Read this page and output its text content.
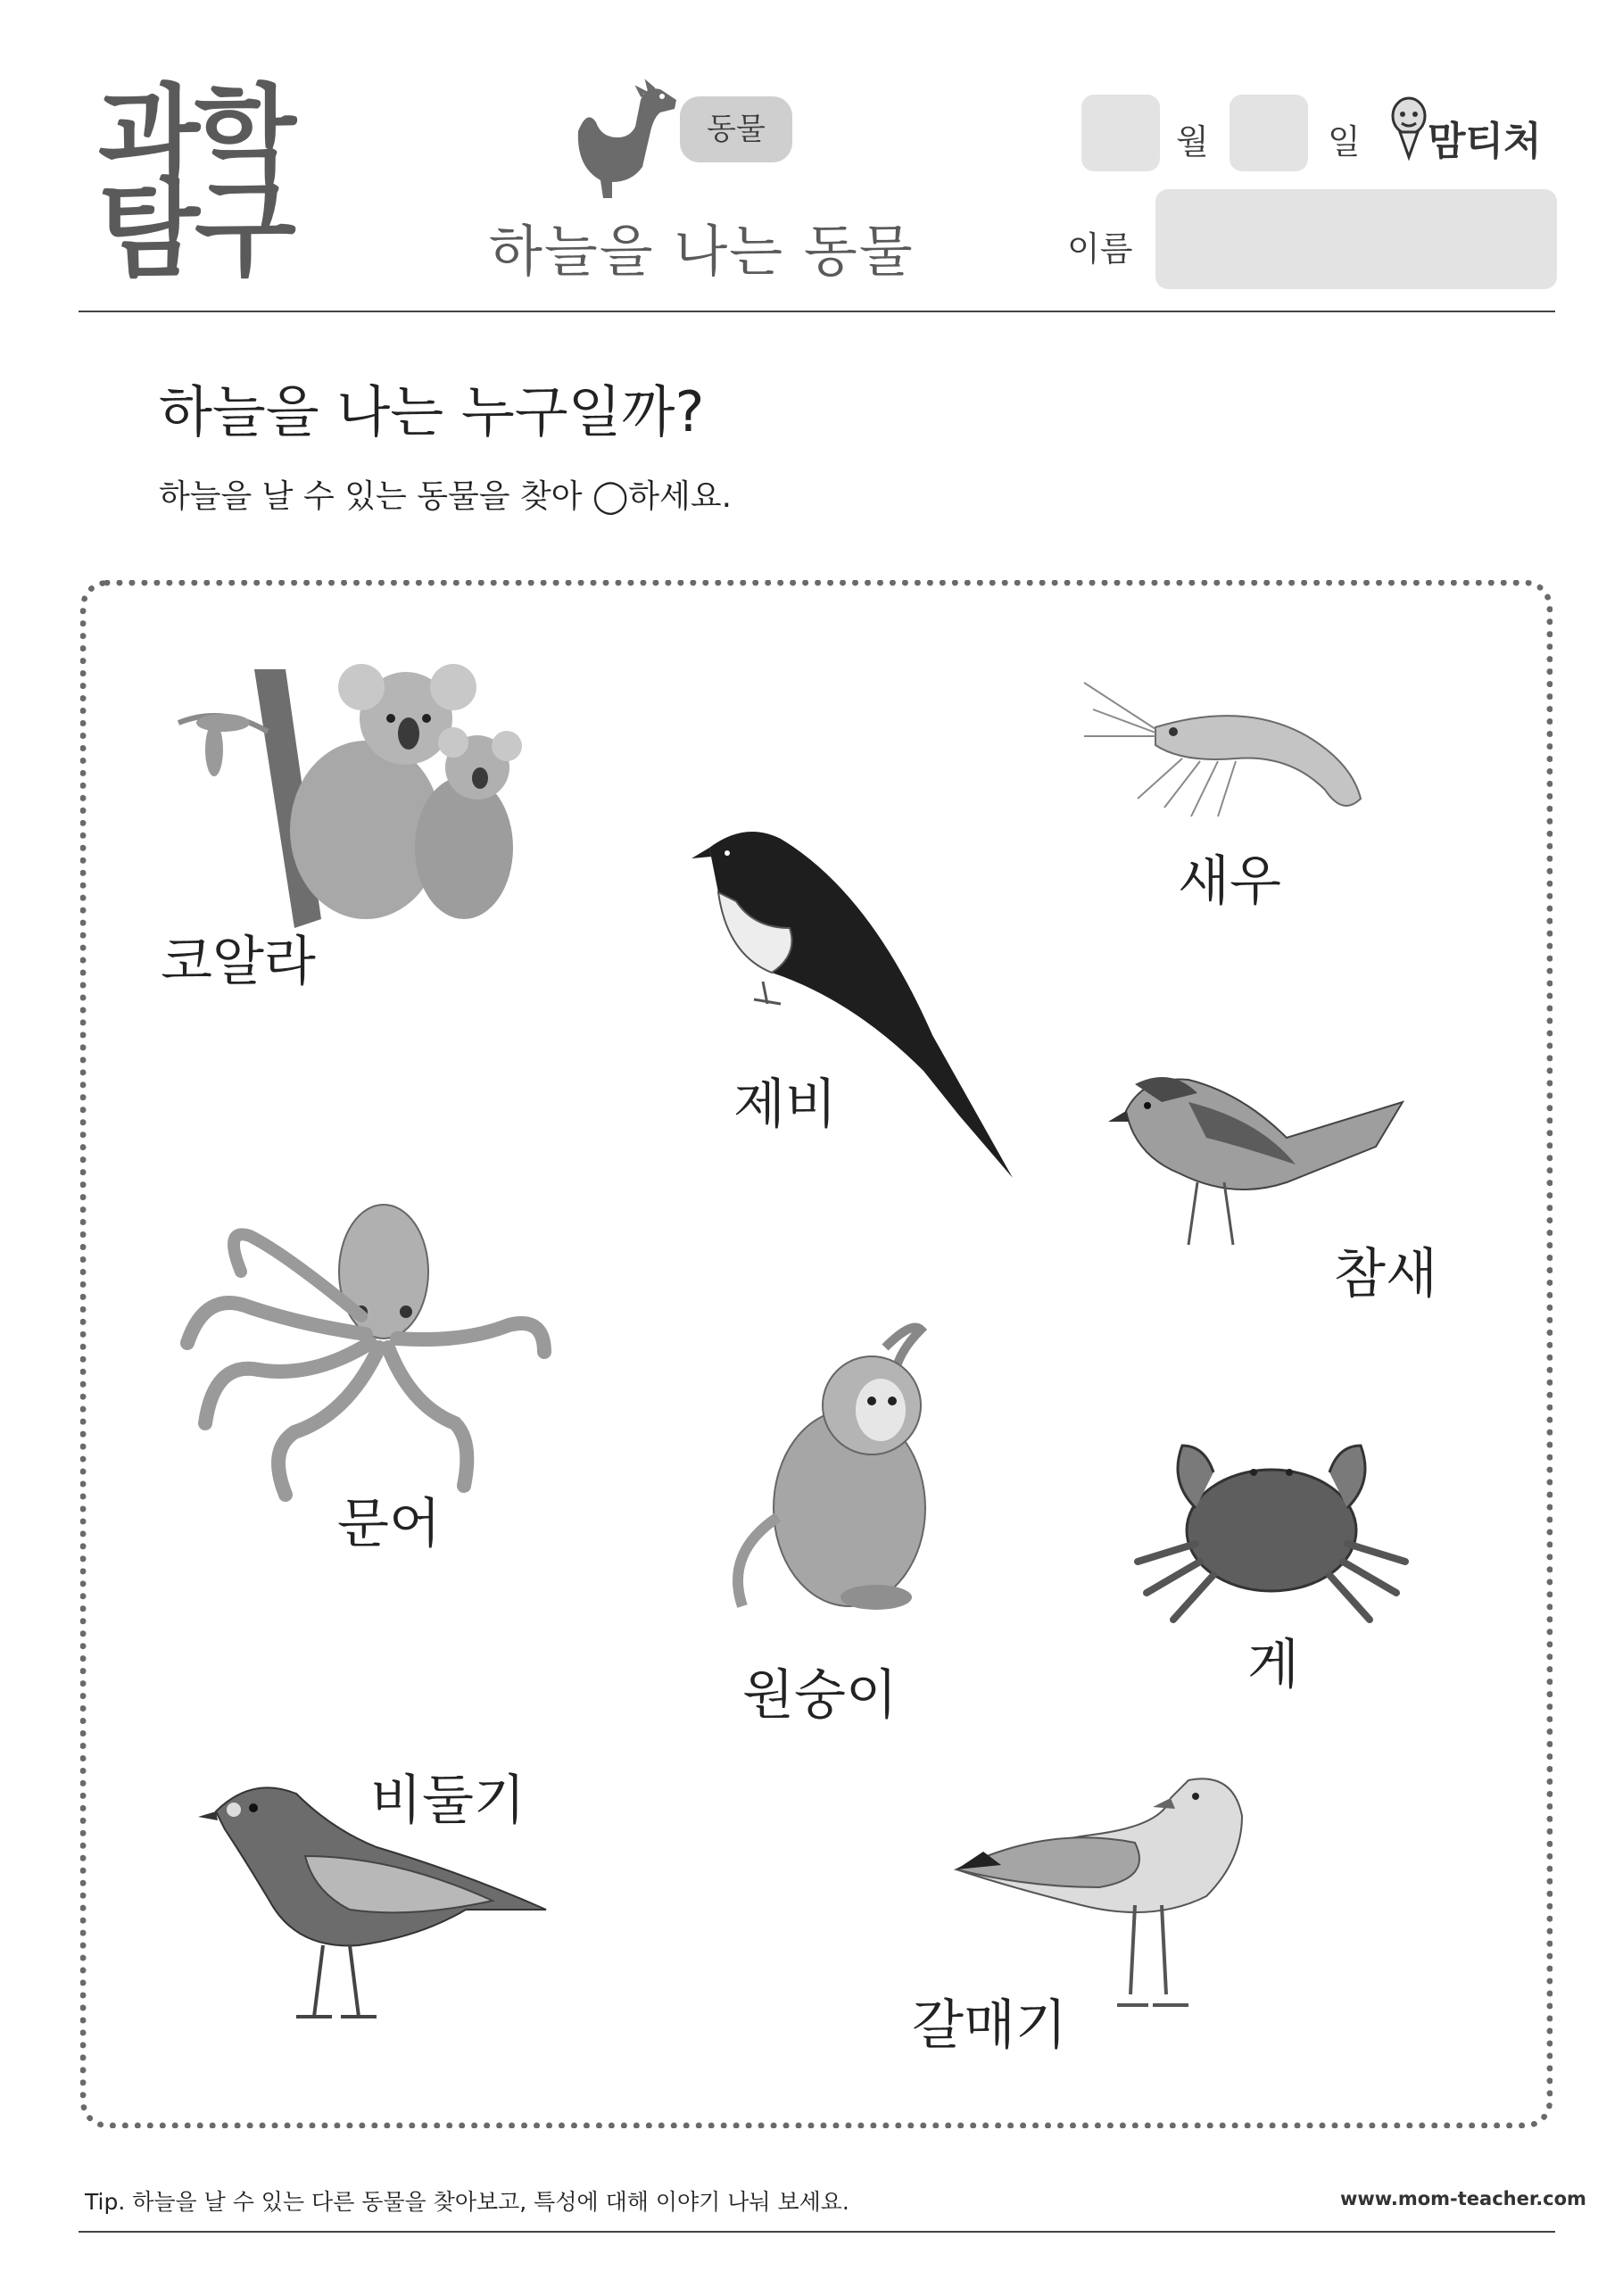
과학
탐구
동물
하늘을 나는 동물
월	일 맘티처
이름
하늘을 나는 누구일까?
하늘을 날 수 있는 동물을 찾아 ◯하세요.
코알라
새우
제비
참새
문어
원숭이	게
비둘기
갈매기
Tip. 하늘을 날 수 있는 다른 동물을 찾아보고, 특성에 대해 이야기 나눠 보세요.	www.mom-teacher.com
